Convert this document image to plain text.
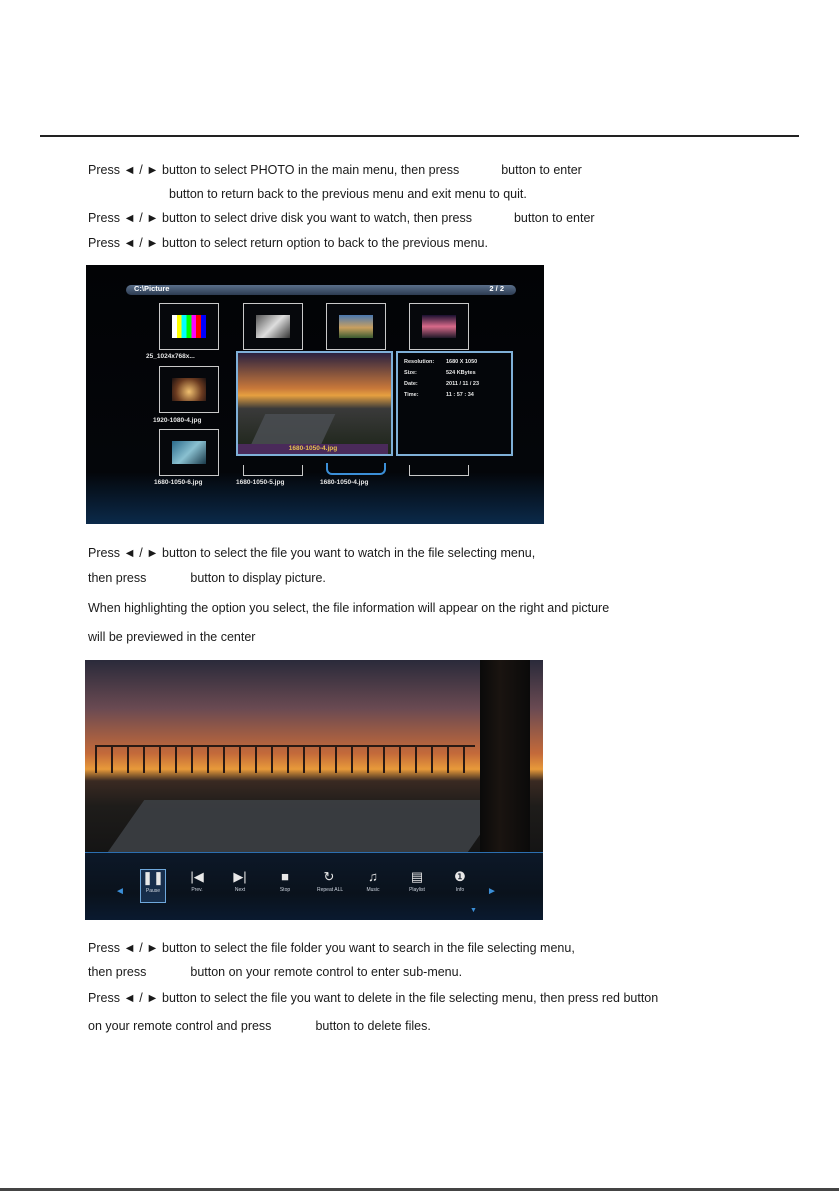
Press ◄ / ► button to select PHOTO in the main menu, then press	button to enter
button to return back to the previous menu and exit menu to quit.
Press ◄ / ► button to select drive disk you want to watch, then press	button to enter
Press ◄ / ► button to select return option to back to the previous menu.
C:\Picture	2 / 2
25_1024x768x...
1920-1080-4.jpg
1680-1050-4.jpg
Resolution: 1680 X 1050
Size:	524 KBytes
Date:	2011 / 11 / 23
Time:	11 : 57 : 34
1680-1050-6.jpg	1680-1050-5.jpg	1680-1050-4.jpg
Press ◄ / ► button to select the file you want to watch in the file selecting menu,
then press	button to display picture.
When highlighting the option you select, the file information will appear on the right and picture
will be previewed in the center
◄
❚❚
Pause
|◀
Prev.
▶|
Next
■
Stop
↻
Repeat ALL
♫
Music
▤
Playlist
❶
Info	►
▼
Press ◄ / ► button to select the file folder you want to search in the file selecting menu,
then press	button on your remote control to enter sub-menu.
Press ◄ / ► button to select the file you want to delete in the file selecting menu, then press red button
on your remote control and press	button to delete files.
